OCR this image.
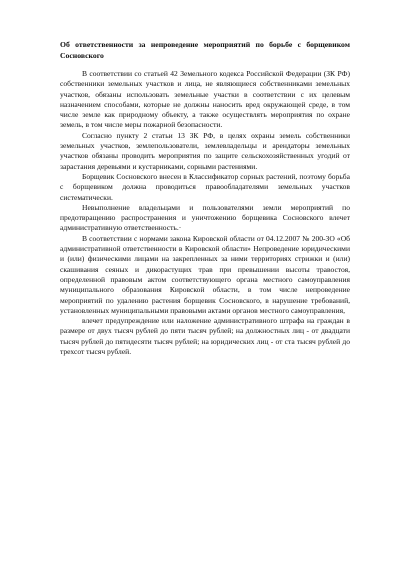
Об ответственности за непроведение мероприятий по борьбе с борщевиком Сосновского

В соответствии со статьей 42 Земельного кодекса Российской Федерации (ЗК РФ) собственники земельных участков и лица, не являющиеся собственниками земельных участков, обязаны использовать земельные участки в соответствии с их целевым назначением способами, которые не должны наносить вред окружающей среде, в том числе земле как природному объекту, а также осуществлять мероприятия по охране земель, в том числе меры пожарной безопасности.

Согласно пункту 2 статьи 13 ЗК РФ, в целях охраны земель собственники земельных участков, землепользователи, землевладельцы и арендаторы земельных участков обязаны проводить мероприятия по защите сельскохозяйственных угодий от зарастания деревьями и кустарниками, сорными растениями.

Борщевик Сосновского внесен в Классификатор сорных растений, поэтому борьба с борщевиком должна проводиться правообладателями земельных участков систематически.

Невыполнение владельцами и пользователями земли мероприятий по предотвращению распространения и уничтожению борщевика Сосновского влечет административную ответственность.·

В соответствии с нормами закона Кировской области от 04.12.2007 № 200-ЗО «Об административной ответственности в Кировской области» Непроведение юридическими и (или) физическими лицами на закрепленных за ними территориях стрижки и (или) скашивания сеяных и дикорастущих трав при превышении высоты травостоя, определенной правовым актом соответствующего органа местного самоуправления муниципального образования Кировской области, в том числе непроведение мероприятий по удалению растения борщевик Сосновского, в нарушение требований, установленных муниципальными правовыми актами органов местного самоуправления,

влечет предупреждение или наложение административного штрафа на граждан в размере от двух тысяч рублей до пяти тысяч рублей; на должностных лиц - от двадцати тысяч рублей до пятидесяти тысяч рублей; на юридических лиц - от ста тысяч рублей до трехсот тысяч рублей.
